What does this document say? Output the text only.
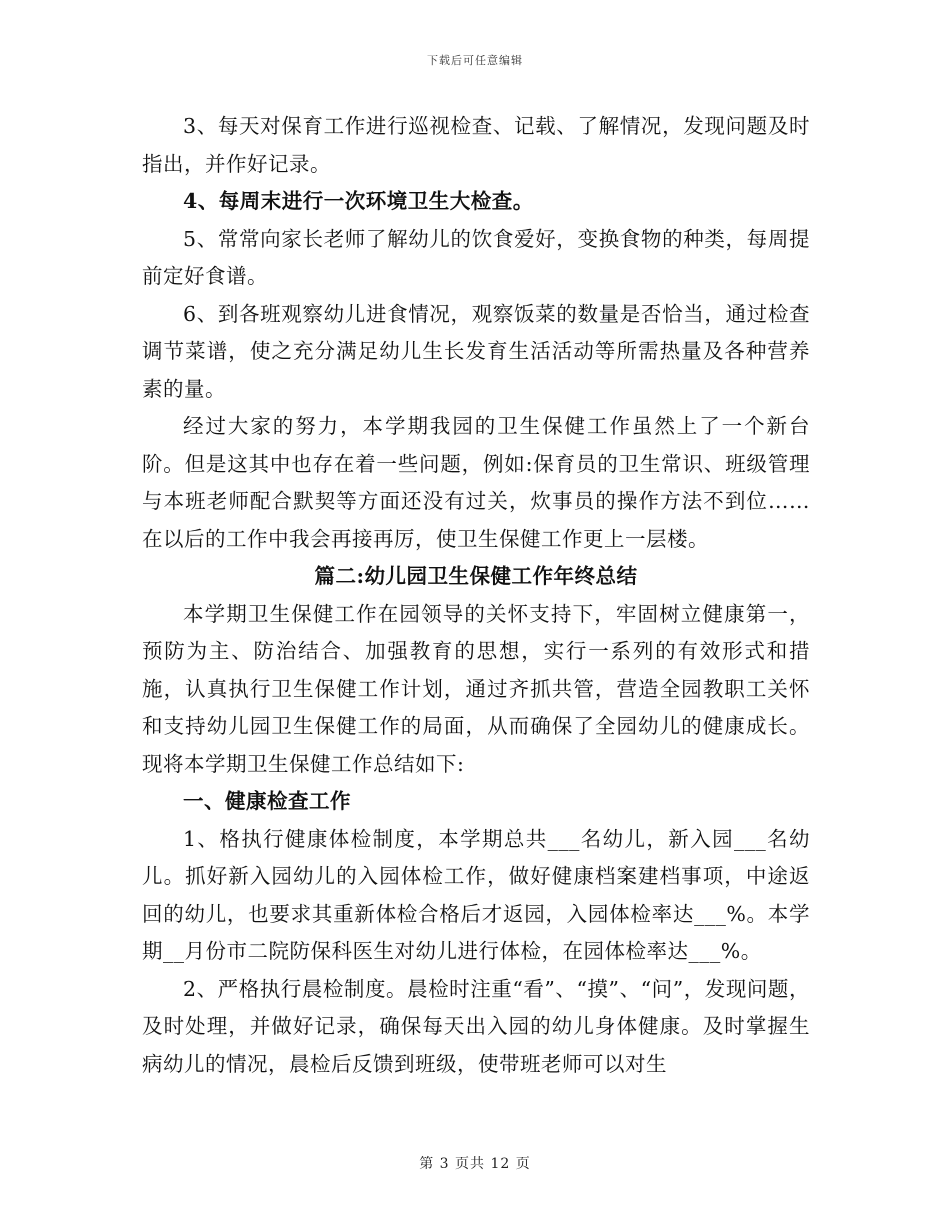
下载后可任意编辑

3、每天对保育工作进行巡视检查、记载、了解情况，发现问题及时指出，并作好记录。

4、每周末进行一次环境卫生大检查。

5、常常向家长老师了解幼儿的饮食爱好，变换食物的种类，每周提前定好食谱。

6、到各班观察幼儿进食情况，观察饭菜的数量是否恰当，通过检查调节菜谱，使之充分满足幼儿生长发育生活活动等所需热量及各种营养素的量。

经过大家的努力，本学期我园的卫生保健工作虽然上了一个新台阶。但是这其中也存在着一些问题，例如:保育员的卫生常识、班级管理与本班老师配合默契等方面还没有过关，炊事员的操作方法不到位……在以后的工作中我会再接再厉，使卫生保健工作更上一层楼。

篇二:幼儿园卫生保健工作年终总结

本学期卫生保健工作在园领导的关怀支持下，牢固树立健康第一，预防为主、防治结合、加强教育的思想，实行一系列的有效形式和措施，认真执行卫生保健工作计划，通过齐抓共管，营造全园教职工关怀和支持幼儿园卫生保健工作的局面，从而确保了全园幼儿的健康成长。现将本学期卫生保健工作总结如下:

一、健康检查工作

1、格执行健康体检制度，本学期总共___名幼儿，新入园___名幼儿。抓好新入园幼儿的入园体检工作，做好健康档案建档事项，中途返回的幼儿，也要求其重新体检合格后才返园，入园体检率达___%。本学期__月份市二院防保科医生对幼儿进行体检，在园体检率达___%。

2、严格执行晨检制度。晨检时注重“看”、“摸”、“问”，发现问题，及时处理，并做好记录，确保每天出入园的幼儿身体健康。及时掌握生病幼儿的情况，晨检后反馈到班级，使带班老师可以对生

第 3 页共 12 页
